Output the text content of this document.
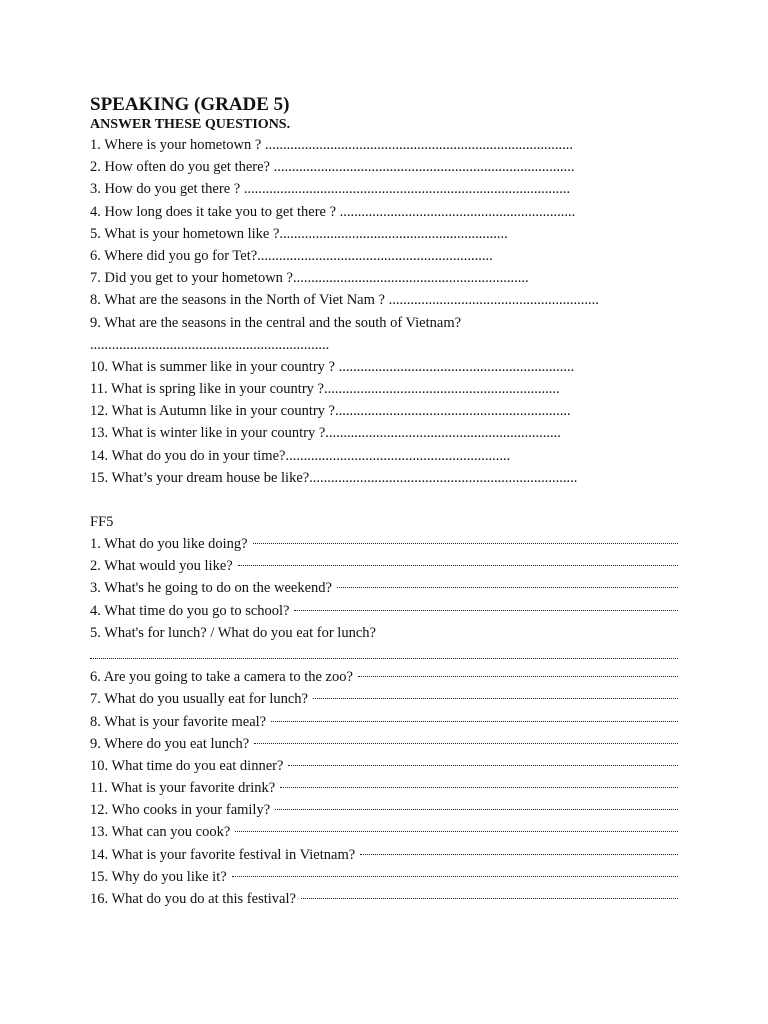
SPEAKING (GRADE 5)
ANSWER THESE QUESTIONS.
1. Where is your hometown ? .....................................................................................
2. How often do you get there? ...................................................................................
3. How do you get there ? ..........................................................................................
4. How long does it take you to get there ? .................................................................
5. What is your hometown like ?...............................................................
6. Where did you go for Tet?.................................................................
7. Did you get to your hometown ?.................................................................
8. What are the seasons in the North of Viet Nam ? ..........................................................
9. What are the seasons in the central and the south of Vietnam?
..................................................................
10. What is summer like in your country ? .................................................................
11. What is spring like in your country ?.................................................................
12. What is Autumn like in your country ?.................................................................
13. What is winter like in your country ?.................................................................
14. What do you do in your time?..............................................................
15. What’s your dream house be like?..........................................................................
FF5
1. What do you like doing?
2. What would you like?
3. What's he going to do on the weekend?
4. What time do you go to school?
5. What's for lunch? / What do you eat for lunch?
6. Are you going to take a camera to the zoo?
7. What do you usually eat for lunch?
8. What is your favorite meal?
9. Where do you eat lunch?
10. What time do you eat dinner?
11. What is your favorite drink?
12. Who cooks in your family?
13. What can you cook?
14. What is your favorite festival in Vietnam?
15. Why do you like it?
16. What do you do at this festival?
